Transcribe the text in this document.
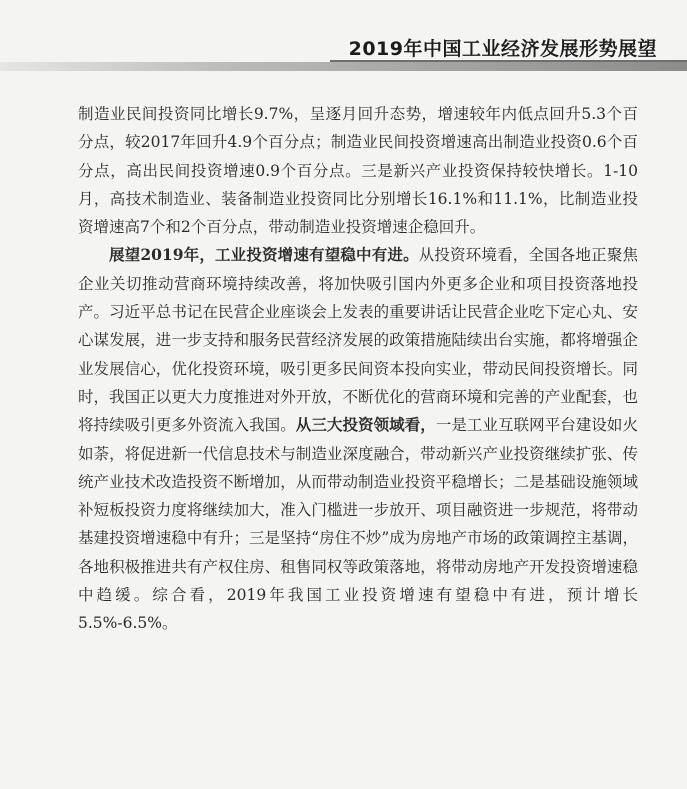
2019年中国工业经济发展形势展望

制造业民间投资同比增长9.7%，呈逐月回升态势，增速较年内低点回升5.3个百分点，较2017年回升4.9个百分点；制造业民间投资增速高出制造业投资0.6个百分点，高出民间投资增速0.9个百分点。三是新兴产业投资保持较快增长。1-10月，高技术制造业、装备制造业投资同比分别增长16.1%和11.1%，比制造业投资增速高7个和2个百分点，带动制造业投资增速企稳回升。

展望2019年，工业投资增速有望稳中有进。从投资环境看，全国各地正聚焦企业关切推动营商环境持续改善，将加快吸引国内外更多企业和项目投资落地投产。习近平总书记在民营企业座谈会上发表的重要讲话让民营企业吃下定心丸、安心谋发展，进一步支持和服务民营经济发展的政策措施陆续出台实施，都将增强企业发展信心，优化投资环境，吸引更多民间资本投向实业，带动民间投资增长。同时，我国正以更大力度推进对外开放，不断优化的营商环境和完善的产业配套，也将持续吸引更多外资流入我国。从三大投资领域看，一是工业互联网平台建设如火如荼，将促进新一代信息技术与制造业深度融合，带动新兴产业投资继续扩张、传统产业技术改造投资不断增加，从而带动制造业投资平稳增长；二是基础设施领域补短板投资力度将继续加大，准入门槛进一步放开、项目融资进一步规范，将带动基建投资增速稳中有升；三是坚持“房住不炒”成为房地产市场的政策调控主基调，各地积极推进共有产权住房、租售同权等政策落地，将带动房地产开发投资增速稳中趋缓。综合看，2019年我国工业投资增速有望稳中有进，预计增长5.5%-6.5%。
